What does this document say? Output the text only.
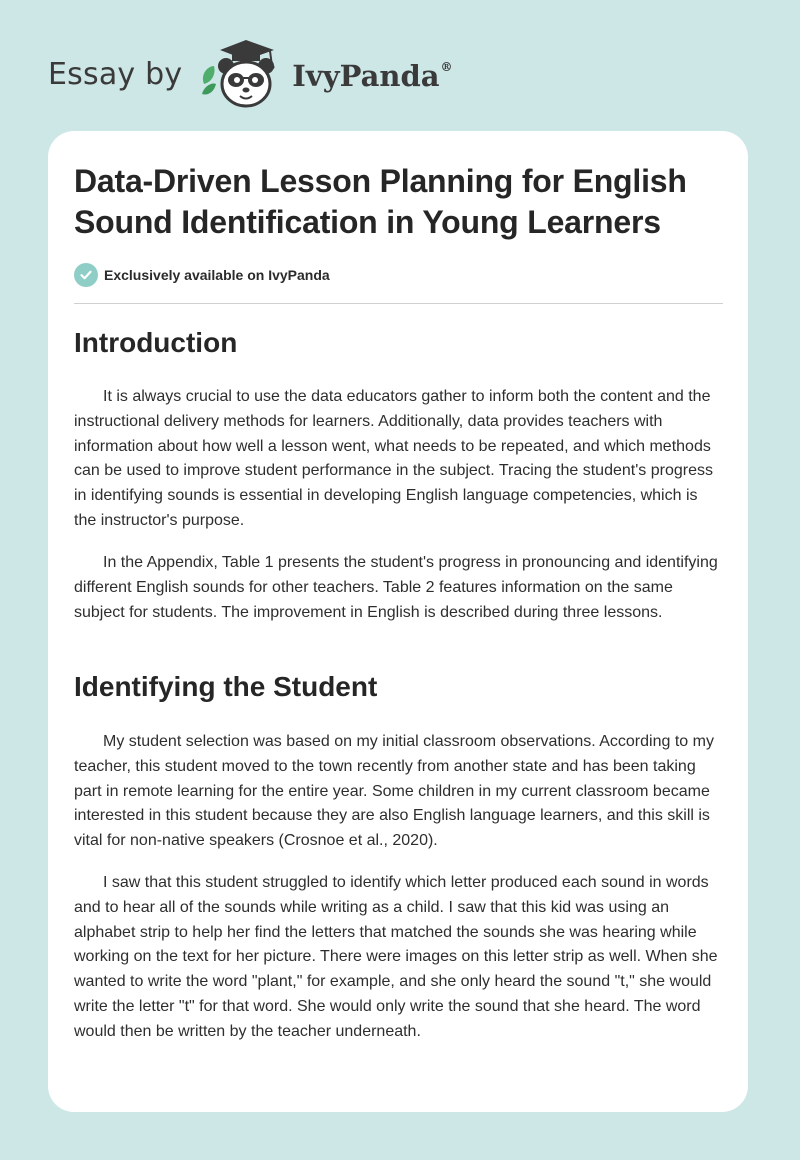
Essay by	IvyPanda®
Data-Driven Lesson Planning for English Sound Identification in Young Learners
Exclusively available on IvyPanda
Introduction

It is always crucial to use the data educators gather to inform both the content and the instructional delivery methods for learners. Additionally, data provides teachers with information about how well a lesson went, what needs to be repeated, and which methods can be used to improve student performance in the subject. Tracing the student's progress in identifying sounds is essential in developing English language competencies, which is the instructor's purpose.

In the Appendix, Table 1 presents the student's progress in pronouncing and identifying different English sounds for other teachers. Table 2 features information on the same subject for students. The improvement in English is described during three lessons.

Identifying the Student

My student selection was based on my initial classroom observations. According to my teacher, this student moved to the town recently from another state and has been taking part in remote learning for the entire year. Some children in my current classroom became interested in this student because they are also English language learners, and this skill is vital for non-native speakers (Crosnoe et al., 2020).

I saw that this student struggled to identify which letter produced each sound in words and to hear all of the sounds while writing as a child. I saw that this kid was using an alphabet strip to help her find the letters that matched the sounds she was hearing while working on the text for her picture. There were images on this letter strip as well. When she wanted to write the word "plant," for example, and she only heard the sound "t," she would write the letter "t" for that word. She would only write the sound that she heard. The word would then be written by the teacher underneath.
